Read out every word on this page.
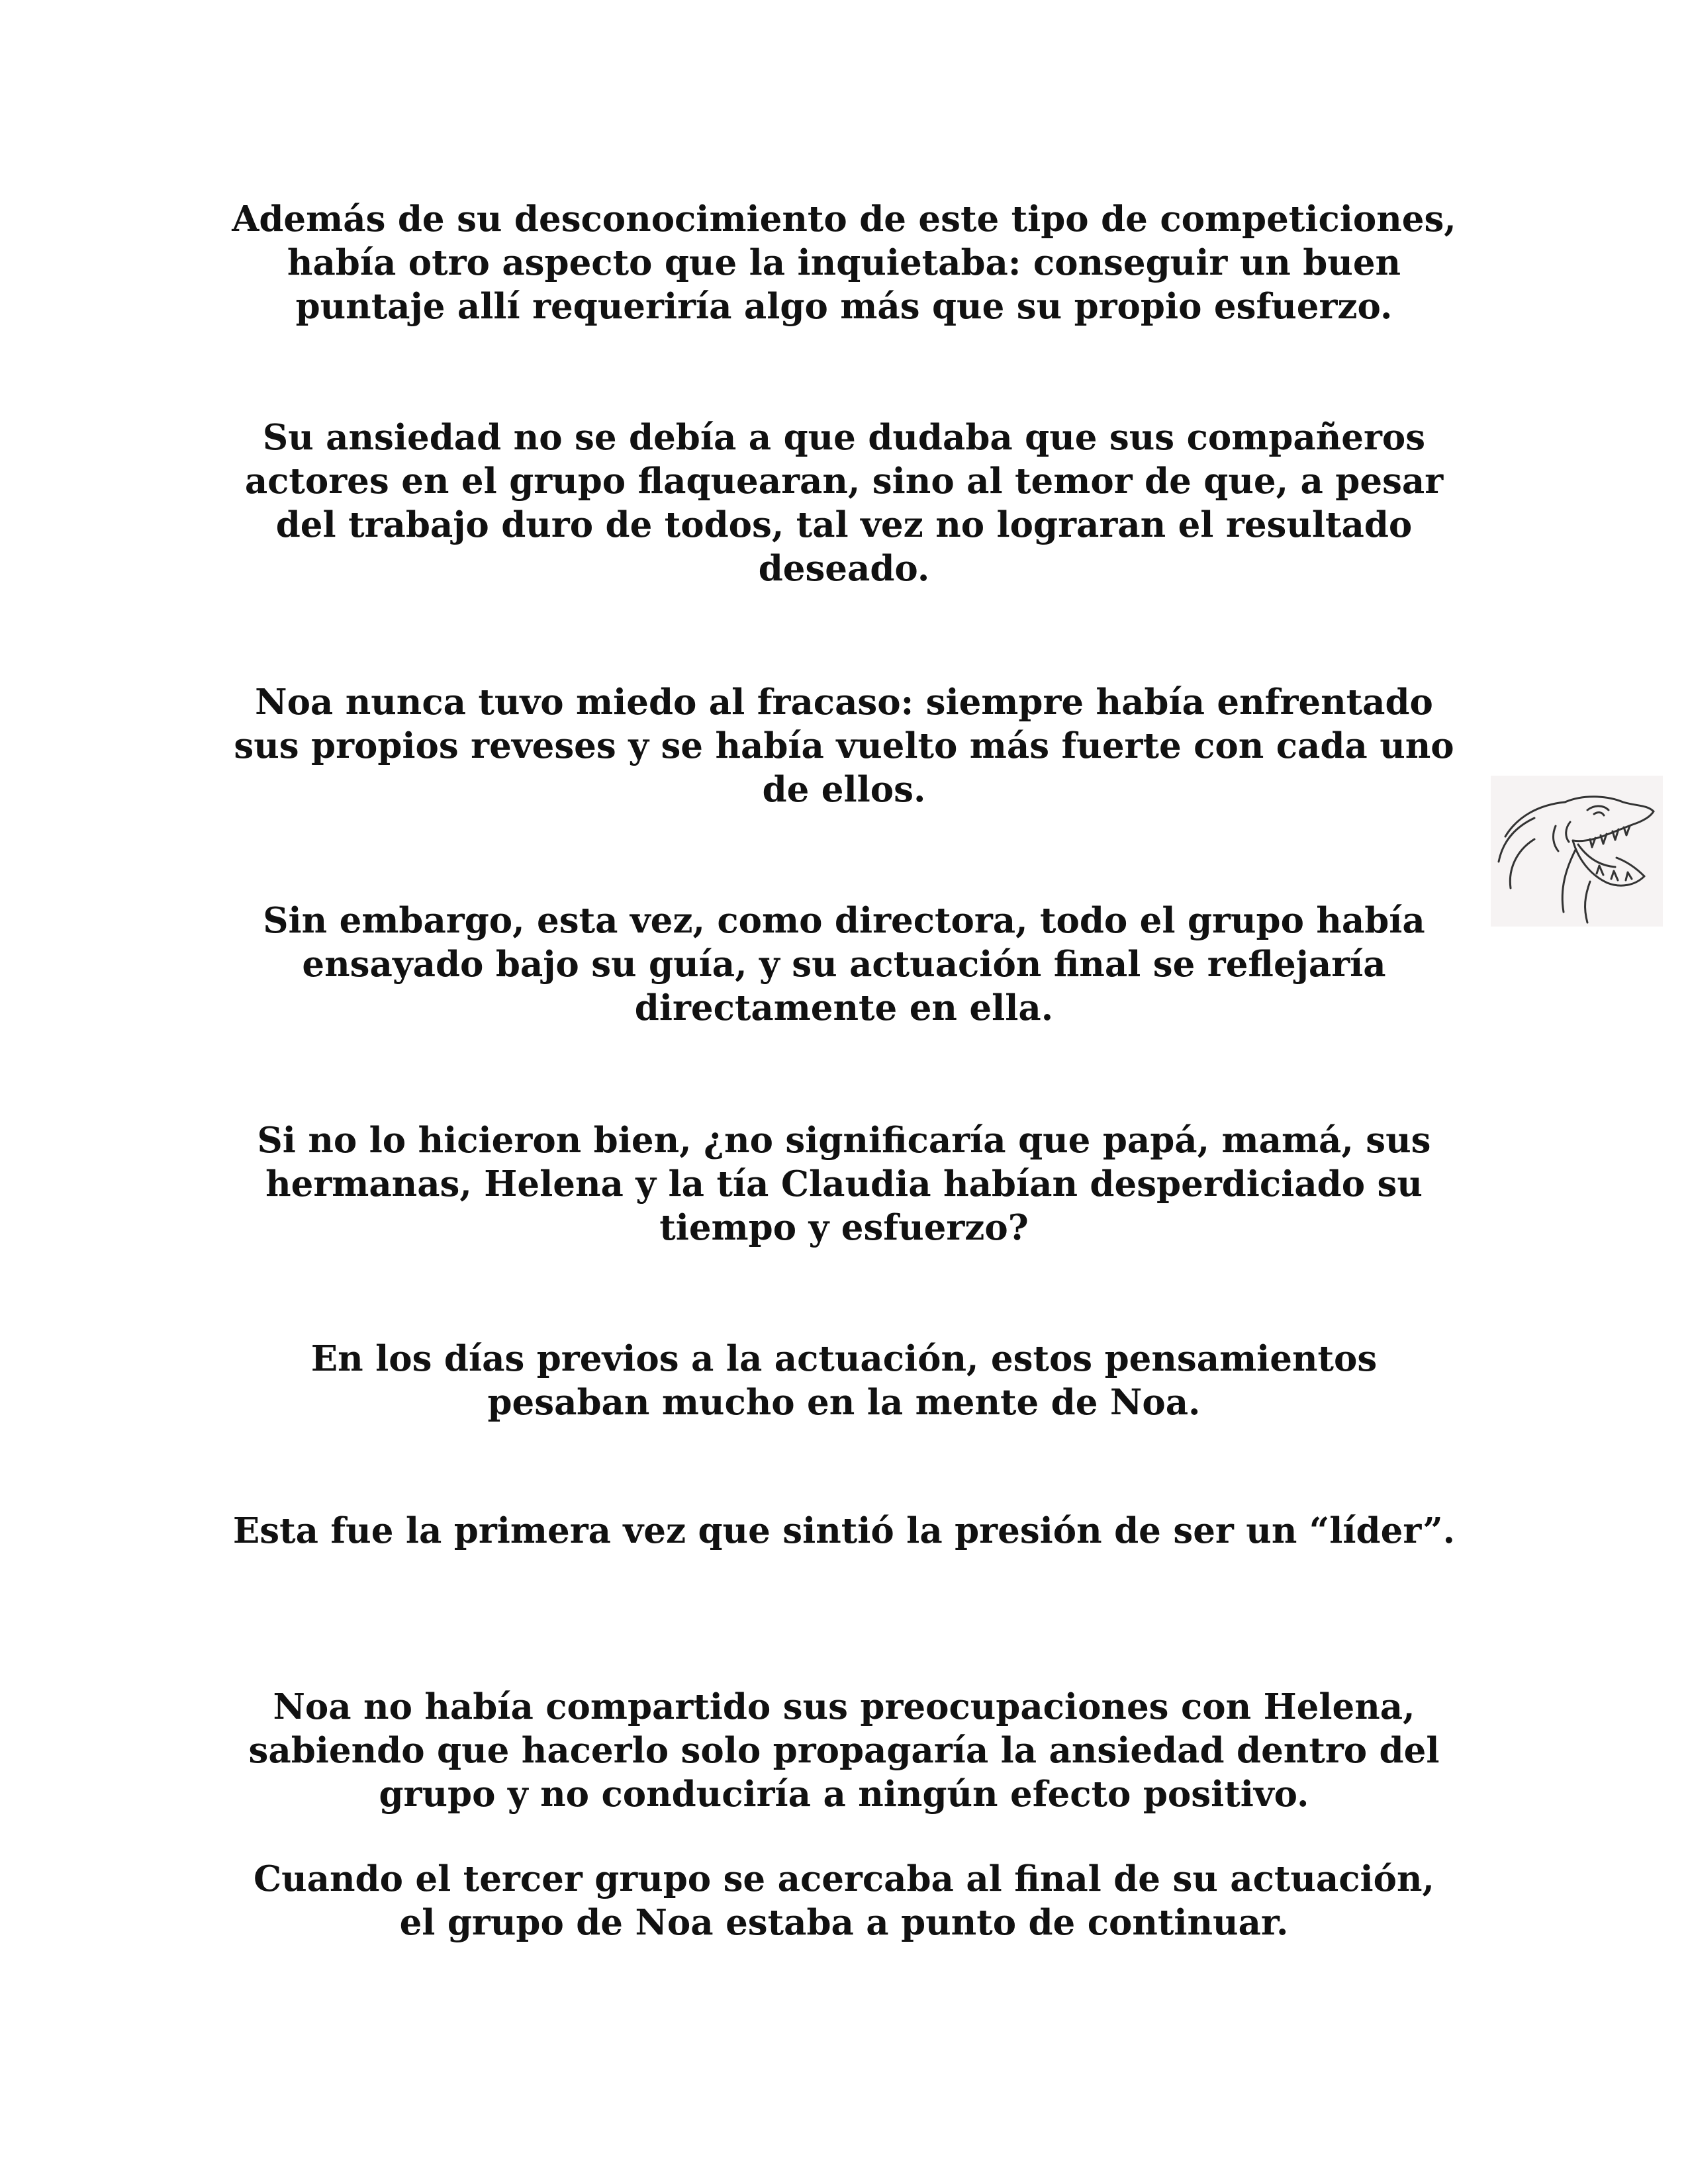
Además de su desconocimiento de este tipo de competiciones, había otro aspecto que la inquietaba: conseguir un buen puntaje allí requeriría algo más que su propio esfuerzo.

Su ansiedad no se debía a que dudaba que sus compañeros actores en el grupo flaquearan, sino al temor de que, a pesar del trabajo duro de todos, tal vez no lograran el resultado deseado.

Noa nunca tuvo miedo al fracaso: siempre había enfrentado sus propios reveses y se había vuelto más fuerte con cada uno de ellos.

Sin embargo, esta vez, como directora, todo el grupo había ensayado bajo su guía, y su actuación final se reflejaría directamente en ella.

Si no lo hicieron bien, ¿no significaría que papá, mamá, sus hermanas, Helena y la tía Claudia habían desperdiciado su tiempo y esfuerzo?

En los días previos a la actuación, estos pensamientos pesaban mucho en la mente de Noa.

Esta fue la primera vez que sintió la presión de ser un “líder”.

Noa no había compartido sus preocupaciones con Helena, sabiendo que hacerlo solo propagaría la ansiedad dentro del grupo y no conduciría a ningún efecto positivo.

Cuando el tercer grupo se acercaba al final de su actuación, el grupo de Noa estaba a punto de continuar.
